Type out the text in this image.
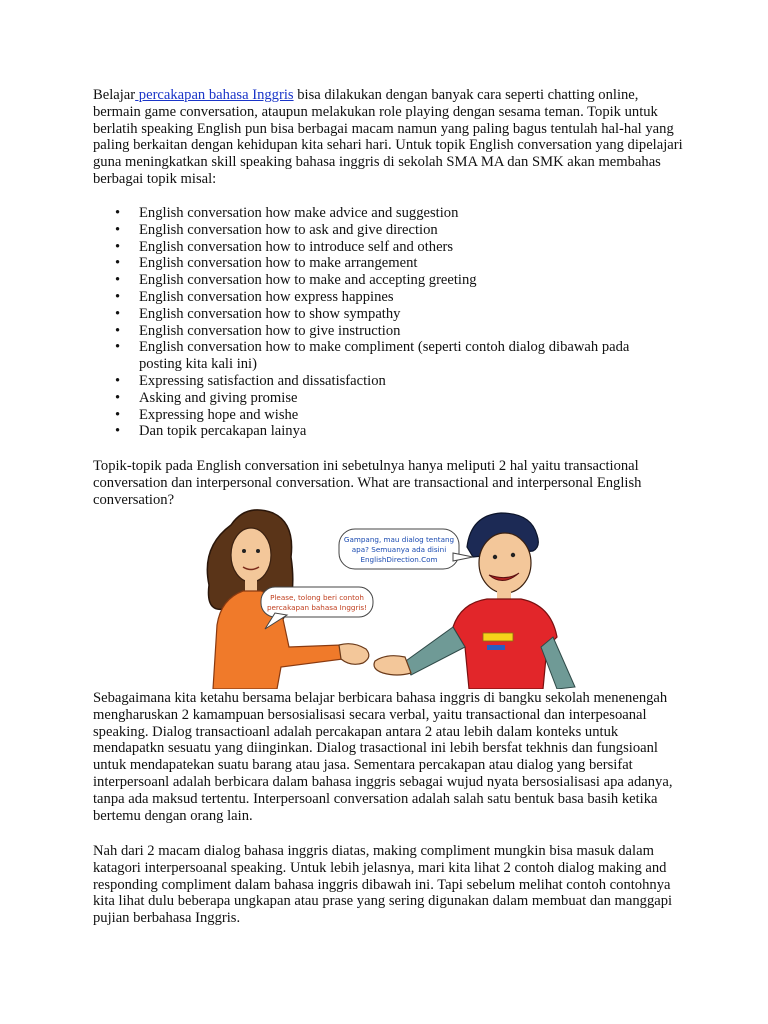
Belajar percakapan bahasa Inggris bisa dilakukan dengan banyak cara seperti chatting online, bermain game conversation, ataupun melakukan role playing dengan sesama teman. Topik untuk berlatih speaking English pun bisa berbagai macam namun yang paling bagus tentulah hal-hal yang paling berkaitan dengan kehidupan kita sehari hari. Untuk topik English conversation yang dipelajari guna meningkatkan skill speaking bahasa inggris di sekolah SMA MA dan SMK akan membahas berbagai topik misal:

• English conversation how make advice and suggestion
• English conversation how to ask and give direction
• English conversation how to introduce self and others
• English conversation how to make arrangement
• English conversation how to make and accepting greeting
• English conversation how express happines
• English conversation how to show sympathy
• English conversation how to give instruction
• English conversation how to make compliment (seperti contoh dialog dibawah pada posting kita kali ini)
• Expressing satisfaction and dissatisfaction
• Asking and giving promise
• Expressing hope and wishe
• Dan topik percakapan lainya

Topik-topik pada English conversation ini sebetulnya hanya meliputi 2 hal yaitu transactional conversation dan interpersonal conversation. What are transactional and interpersonal English conversation?

Please, tolong beri contoh
percakapan bahasa Inggris!
Gampang, mau dialog tentang
apa? Semuanya ada disini
EnglishDirection.Com

Sebagaimana kita ketahu bersama belajar berbicara bahasa inggris di bangku sekolah menenengah mengharuskan 2 kamampuan bersosialisasi secara verbal, yaitu transactional dan interpesoanal speaking. Dialog transactioanl adalah percakapan antara 2 atau lebih dalam konteks untuk mendapatkn sesuatu yang diinginkan. Dialog trasactional ini lebih bersfat tekhnis dan fungsioanl untuk mendapatekan suatu barang atau jasa. Sementara percakapan atau dialog yang bersifat interpersoanl adalah berbicara dalam bahasa inggris sebagai wujud nyata bersosialisasi apa adanya, tanpa ada maksud tertentu. Interpersoanl conversation adalah salah satu bentuk basa basih ketika bertemu dengan orang lain.

Nah dari 2 macam dialog bahasa inggris diatas, making compliment mungkin bisa masuk dalam katagori interpersoanal speaking. Untuk lebih jelasnya, mari kita lihat 2 contoh dialog making and responding compliment dalam bahasa inggris dibawah ini. Tapi sebelum melihat contoh contohnya kita lihat dulu beberapa ungkapan atau prase yang sering digunakan dalam membuat dan manggapi pujian berbahasa Inggris.
